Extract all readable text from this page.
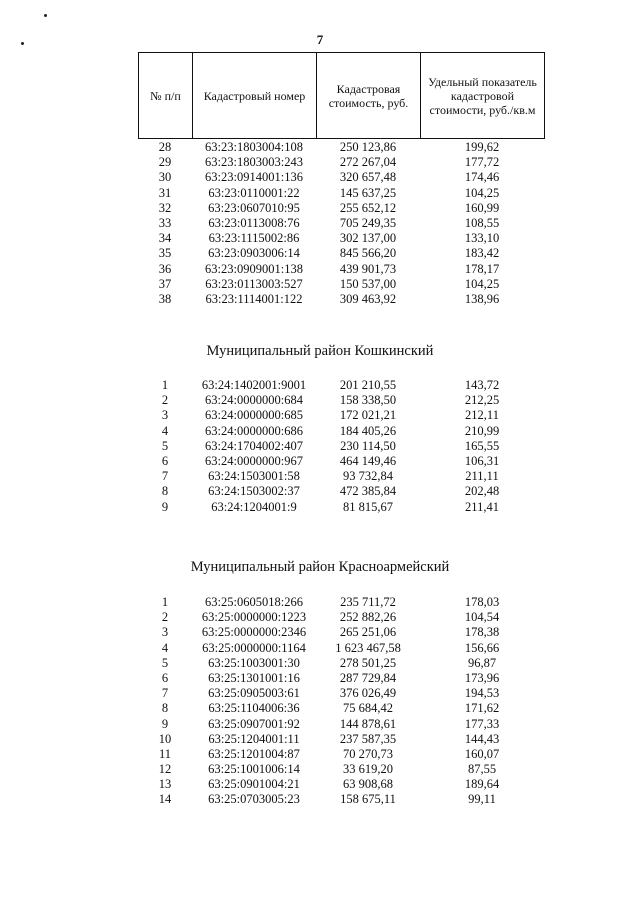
7
№ п/п	Кадастровый номер	Кадастровая стоимость, руб.	Удельный показатель кадастровой стоимости, руб./кв.м
28	63:23:1803004:108	250 123,86	199,62
29	63:23:1803003:243	272 267,04	177,72
30	63:23:0914001:136	320 657,48	174,46
31	63:23:0110001:22	145 637,25	104,25
32	63:23:0607010:95	255 652,12	160,99
33	63:23:0113008:76	705 249,35	108,55
34	63:23:1115002:86	302 137,00	133,10
35	63:23:0903006:14	845 566,20	183,42
36	63:23:0909001:138	439 901,73	178,17
37	63:23:0113003:527	150 537,00	104,25
38	63:23:1114001:122	309 463,92	138,96
Муниципальный район Кошкинский
1	63:24:1402001:9001	201 210,55	143,72
2	63:24:0000000:684	158 338,50	212,25
3	63:24:0000000:685	172 021,21	212,11
4	63:24:0000000:686	184 405,26	210,99
5	63:24:1704002:407	230 114,50	165,55
6	63:24:0000000:967	464 149,46	106,31
7	63:24:1503001:58	93 732,84	211,11
8	63:24:1503002:37	472 385,84	202,48
9	63:24:1204001:9	81 815,67	211,41
Муниципальный район Красноармейский
1	63:25:0605018:266	235 711,72	178,03
2	63:25:0000000:1223	252 882,26	104,54
3	63:25:0000000:2346	265 251,06	178,38
4	63:25:0000000:1164	1 623 467,58	156,66
5	63:25:1003001:30	278 501,25	96,87
6	63:25:1301001:16	287 729,84	173,96
7	63:25:0905003:61	376 026,49	194,53
8	63:25:1104006:36	75 684,42	171,62
9	63:25:0907001:92	144 878,61	177,33
10	63:25:1204001:11	237 587,35	144,43
11	63:25:1201004:87	70 270,73	160,07
12	63:25:1001006:14	33 619,20	87,55
13	63:25:0901004:21	63 908,68	189,64
14	63:25:0703005:23	158 675,11	99,11
